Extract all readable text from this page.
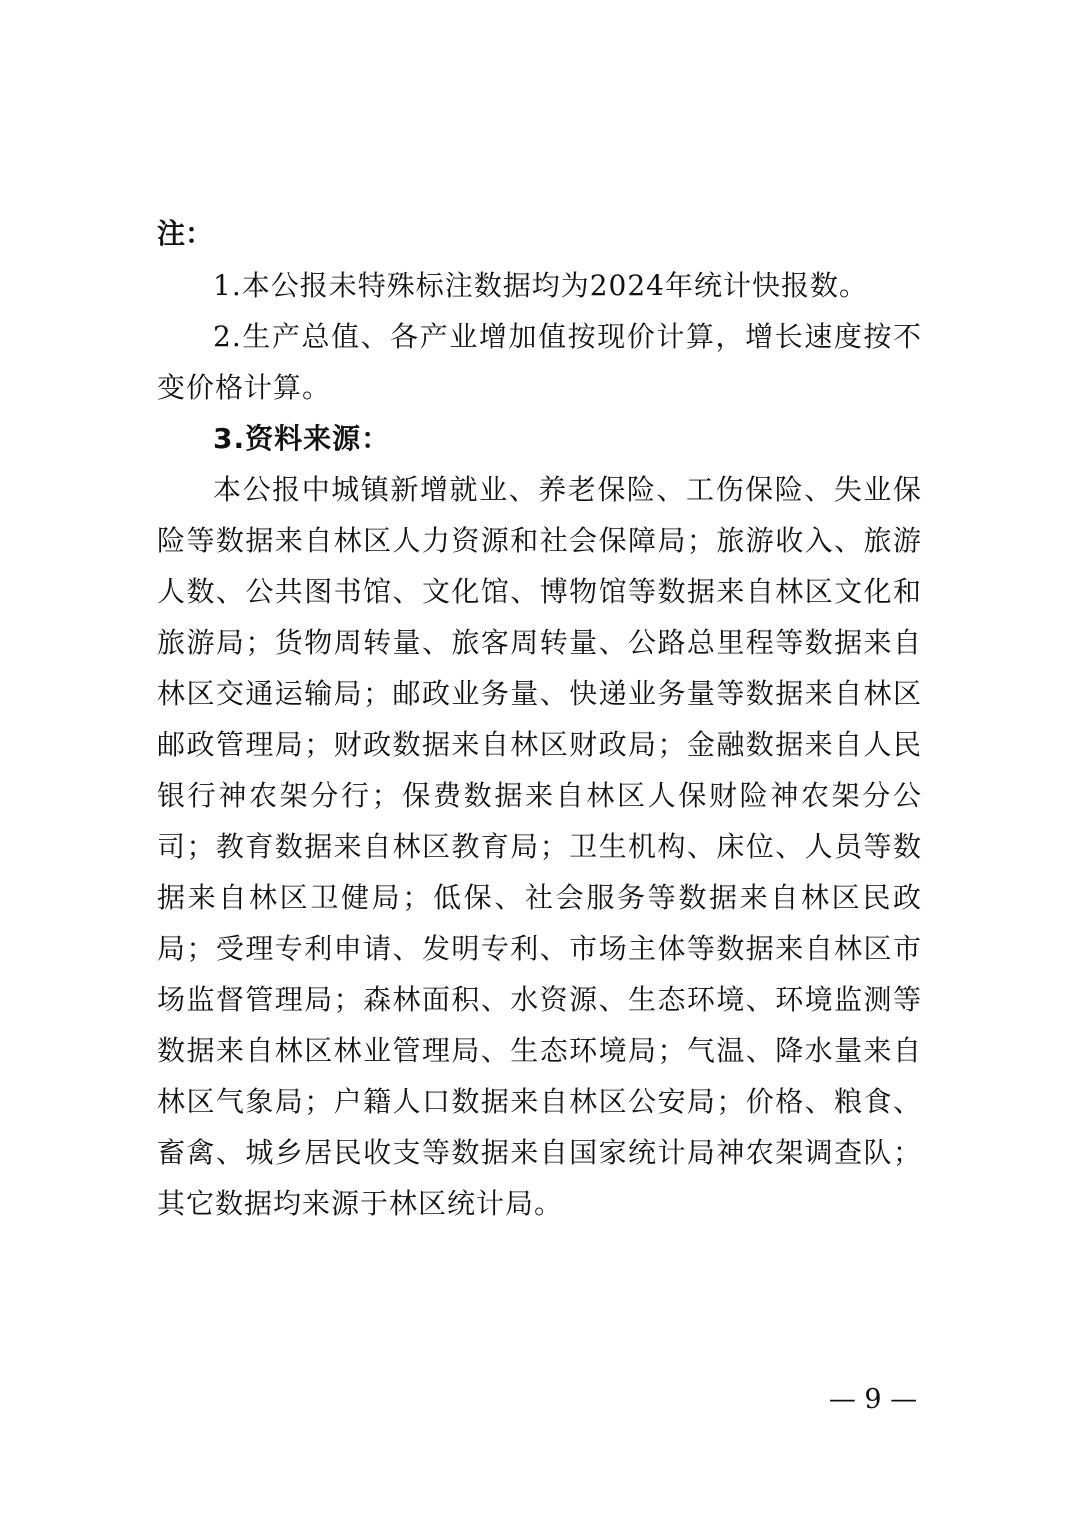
注：

1.本公报未特殊标注数据均为2024年统计快报数。

2.生产总值、各产业增加值按现价计算，增长速度按不变价格计算。

3.资料来源：

本公报中城镇新增就业、养老保险、工伤保险、失业保险等数据来自林区人力资源和社会保障局；旅游收入、旅游人数、公共图书馆、文化馆、博物馆等数据来自林区文化和旅游局；货物周转量、旅客周转量、公路总里程等数据来自林区交通运输局；邮政业务量、快递业务量等数据来自林区邮政管理局；财政数据来自林区财政局；金融数据来自人民银行神农架分行；保费数据来自林区人保财险神农架分公司；教育数据来自林区教育局；卫生机构、床位、人员等数据来自林区卫健局；低保、社会服务等数据来自林区民政局；受理专利申请、发明专利、市场主体等数据来自林区市场监督管理局；森林面积、水资源、生态环境、环境监测等数据来自林区林业管理局、生态环境局；气温、降水量来自林区气象局；户籍人口数据来自林区公安局；价格、粮食、畜禽、城乡居民收支等数据来自国家统计局神农架调查队；其它数据均来源于林区统计局。

— 9 —
